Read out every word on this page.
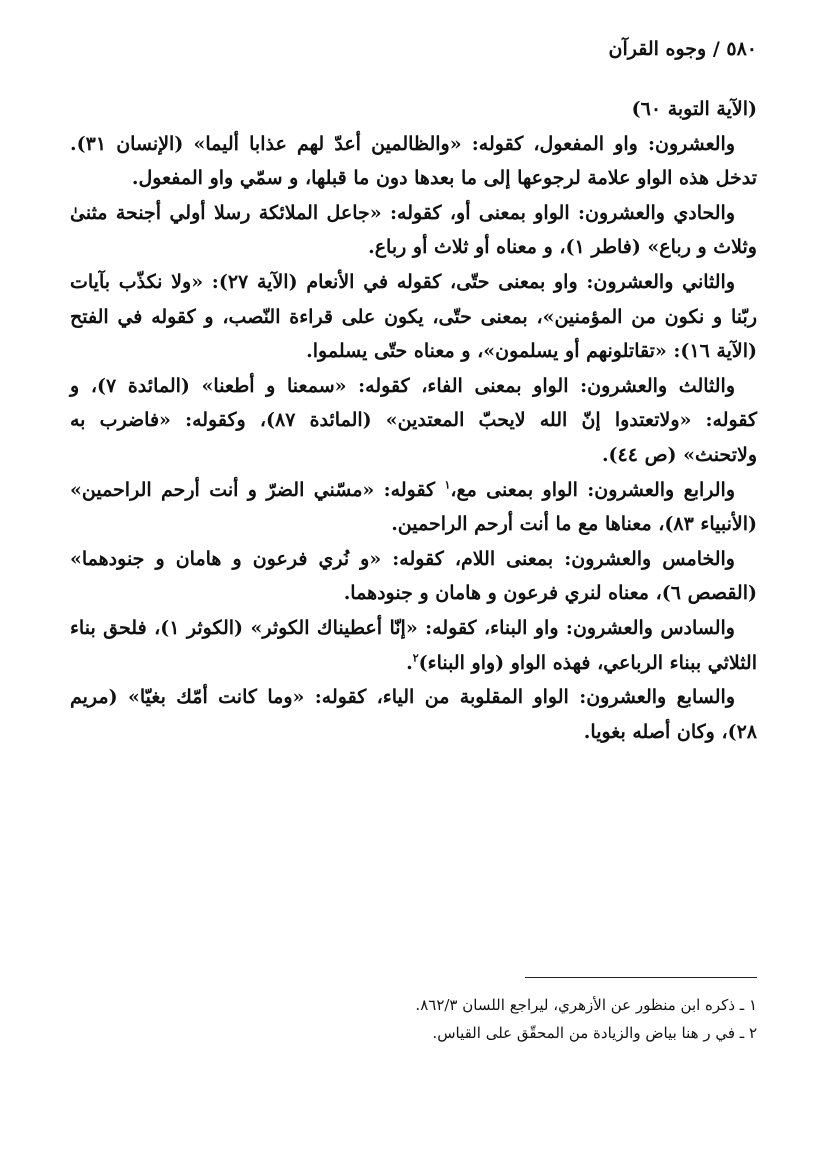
٥٨٠ / وجوه القرآن

(الآية التوبة ٦٠)

والعشرون: واو المفعول، كقوله: «والظالمين أعدّ لهم عذابا أليما» (الإنسان ٣١). تدخل هذه الواو علامة لرجوعها إلى ما بعدها دون ما قبلها، و سمّي واو المفعول.

والحادي والعشرون: الواو بمعنى أو، كقوله: «جاعل الملائكة رسلا أولي أجنحة مثنىٰ وثلاث و رباع» (فاطر ١)، و معناه أو ثلاث أو رباع.

والثاني والعشرون: واو بمعنى حتّى، كقوله في الأنعام (الآية ٢٧): «ولا نكذّب بآيات ربّنا و نكون من المؤمنين»، بمعنى حتّى، يكون على قراءة النّصب، و كقوله في الفتح (الآية ١٦): «تقاتلونهم أو يسلمون»، و معناه حتّى يسلموا.

والثالث والعشرون: الواو بمعنى الفاء، كقوله: «سمعنا و أطعنا» (المائدة ٧)، و كقوله: «ولاتعتدوا إنّ الله لايحبّ المعتدين» (المائدة ٨٧)، وكقوله: «فاضرب به ولاتحنث» (ص ٤٤).

والرابع والعشرون: الواو بمعنى مع،$^١$ كقوله: «مسّني الضرّ و أنت أرحم الراحمين» (الأنبياء ٨٣)، معناها مع ما أنت أرحم الراحمين.

والخامس والعشرون: بمعنى اللام، كقوله: «و نُري فرعون و هامان و جنودهما» (القصص ٦)، معناه لنري فرعون و هامان و جنودهما.

والسادس والعشرون: واو البناء، كقوله: «إنّا أعطيناك الكوثر» (الكوثر ١)، فلحق بناء الثلاثي ببناء الرباعي، فهذه الواو (واو البناء)$^٢$.

والسابع والعشرون: الواو المقلوبة من الياء، كقوله: «وما كانت أمّك بغيّا» (مريم ٢٨)، وكان أصله بغويا.

١ ـ ذكره ابن منظور عن الأزهري، ليراجع اللسان ٨٦٢/٣.

٢ ـ في ر هنا بياض والزيادة من المحقّق على القياس.
